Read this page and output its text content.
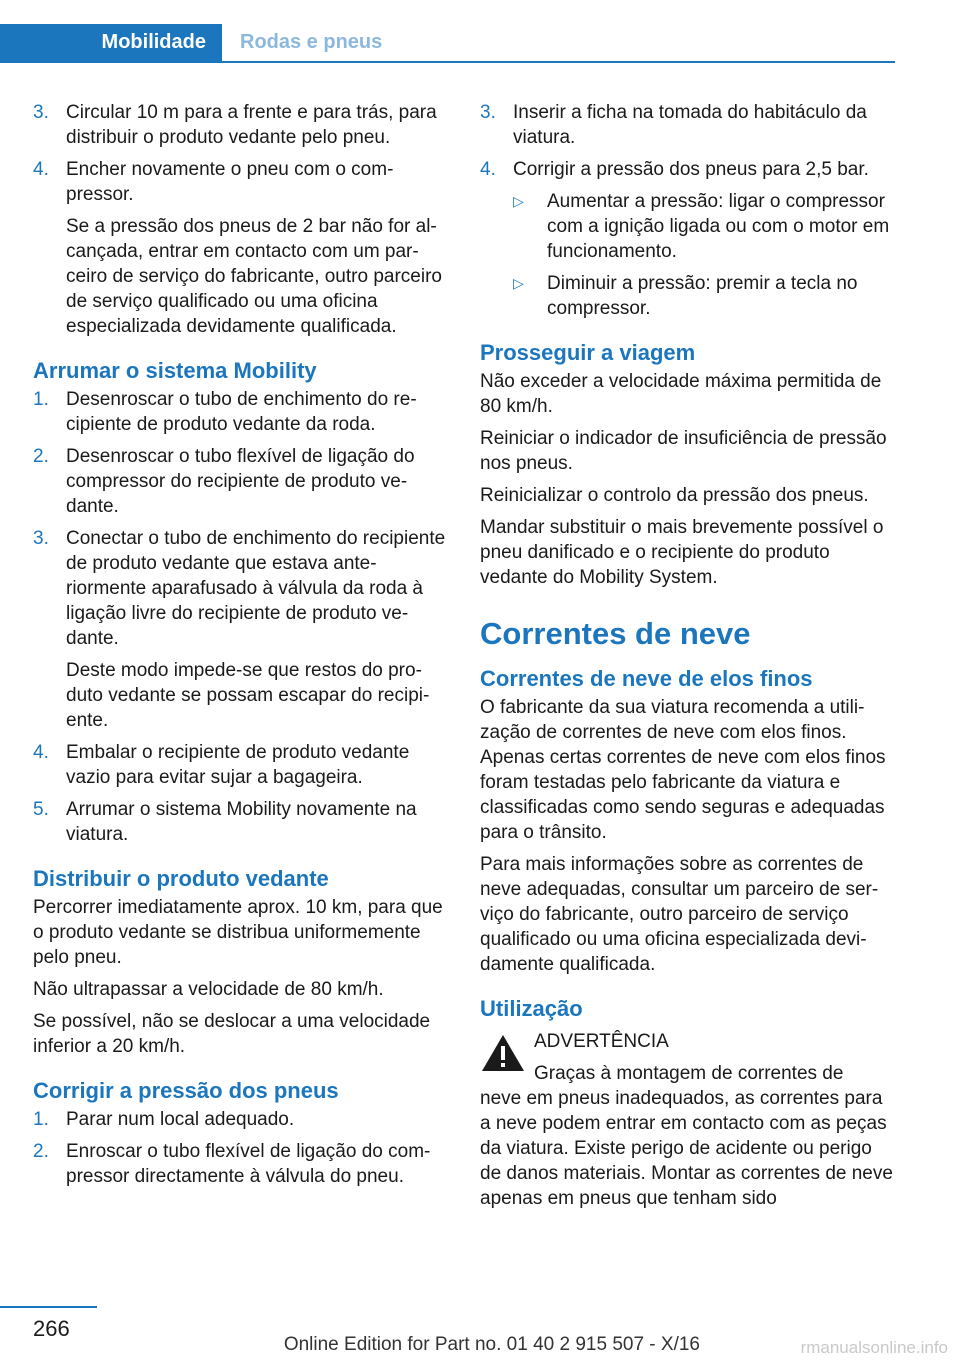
Mobilidade	Rodas e pneus
3. Circular 10 m para a frente e para trás, para distribuir o produto vedante pelo pneu.
4. Encher novamente o pneu com o compressor.
Se a pressão dos pneus de 2 bar não for alcançada, entrar em contacto com um parceiro de serviço do fabricante, outro parceiro de serviço qualificado ou uma oficina especializada devidamente qualificada.
Arrumar o sistema Mobility
1. Desenroscar o tubo de enchimento do recipiente de produto vedante da roda.
2. Desenroscar o tubo flexível de ligação do compressor do recipiente de produto vedante.
3. Conectar o tubo de enchimento do recipiente de produto vedante que estava anteriormente aparafusado à válvula da roda à ligação livre do recipiente de produto vedante.
Deste modo impede-se que restos do produto vedante se possam escapar do recipiente.
4. Embalar o recipiente de produto vedante vazio para evitar sujar a bagageira.
5. Arrumar o sistema Mobility novamente na viatura.
Distribuir o produto vedante
Percorrer imediatamente aprox. 10 km, para que o produto vedante se distribua uniformemente pelo pneu.
Não ultrapassar a velocidade de 80 km/h.
Se possível, não se deslocar a uma velocidade inferior a 20 km/h.
Corrigir a pressão dos pneus
1. Parar num local adequado.
2. Enroscar o tubo flexível de ligação do compressor directamente à válvula do pneu.
3. Inserir a ficha na tomada do habitáculo da viatura.
4. Corrigir a pressão dos pneus para 2,5 bar.
▷	Aumentar a pressão: ligar o compressor com a ignição ligada ou com o motor em funcionamento.
▷	Diminuir a pressão: premir a tecla no compressor.
Prosseguir a viagem
Não exceder a velocidade máxima permitida de 80 km/h.
Reiniciar o indicador de insuficiência de pressão nos pneus.
Reinicializar o controlo da pressão dos pneus.
Mandar substituir o mais brevemente possível o pneu danificado e o recipiente do produto vedante do Mobility System.
Correntes de neve
Correntes de neve de elos finos
O fabricante da sua viatura recomenda a utilização de correntes de neve com elos finos. Apenas certas correntes de neve com elos finos foram testadas pelo fabricante da viatura e classificadas como sendo seguras e adequadas para o trânsito.
Para mais informações sobre as correntes de neve adequadas, consultar um parceiro de serviço do fabricante, outro parceiro de serviço qualificado ou uma oficina especializada devidamente qualificada.
Utilização
ADVERTÊNCIA
Graças à montagem de correntes de
neve em pneus inadequados, as correntes para a neve podem entrar em contacto com as peças da viatura. Existe perigo de acidente ou perigo de danos materiais. Montar as correntes de neve apenas em pneus que tenham sido
266
Online Edition for Part no. 01 40 2 915 507 - X/16	rmanualsonline.info
